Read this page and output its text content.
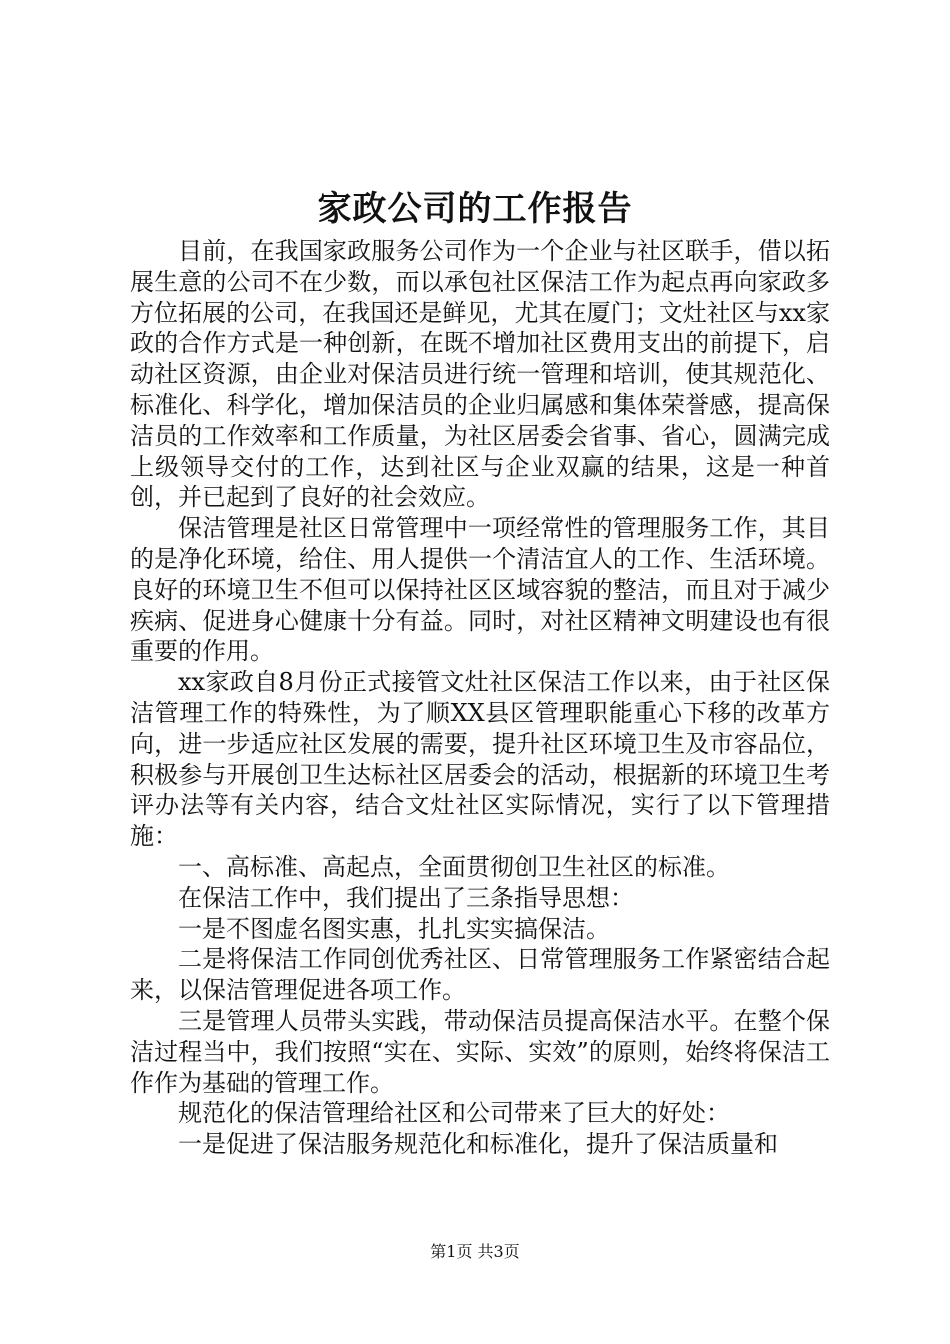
家政公司的工作报告

目前，在我国家政服务公司作为一个企业与社区联手，借以拓展生意的公司不在少数，而以承包社区保洁工作为起点再向家政多方位拓展的公司，在我国还是鲜见，尤其在厦门；文灶社区与xx家政的合作方式是一种创新，在既不增加社区费用支出的前提下，启动社区资源，由企业对保洁员进行统一管理和培训，使其规范化、标准化、科学化，增加保洁员的企业归属感和集体荣誉感，提高保洁员的工作效率和工作质量，为社区居委会省事、省心，圆满完成上级领导交付的工作，达到社区与企业双赢的结果，这是一种首创，并已起到了良好的社会效应。

保洁管理是社区日常管理中一项经常性的管理服务工作，其目的是净化环境，给住、用人提供一个清洁宜人的工作、生活环境。良好的环境卫生不但可以保持社区区域容貌的整洁，而且对于减少疾病、促进身心健康十分有益。同时，对社区精神文明建设也有很重要的作用。

xx家政自8月份正式接管文灶社区保洁工作以来，由于社区保洁管理工作的特殊性，为了顺XX县区管理职能重心下移的改革方向，进一步适应社区发展的需要，提升社区环境卫生及市容品位，积极参与开展创卫生达标社区居委会的活动，根据新的环境卫生考评办法等有关内容，结合文灶社区实际情况，实行了以下管理措施：

一、高标准、高起点，全面贯彻创卫生社区的标准。

在保洁工作中，我们提出了三条指导思想：

一是不图虚名图实惠，扎扎实实搞保洁。

二是将保洁工作同创优秀社区、日常管理服务工作紧密结合起来，以保洁管理促进各项工作。

三是管理人员带头实践，带动保洁员提高保洁水平。在整个保洁过程当中，我们按照“实在、实际、实效”的原则，始终将保洁工作作为基础的管理工作。

规范化的保洁管理给社区和公司带来了巨大的好处：

一是促进了保洁服务规范化和标准化，提升了保洁质量和

第1页 共3页
